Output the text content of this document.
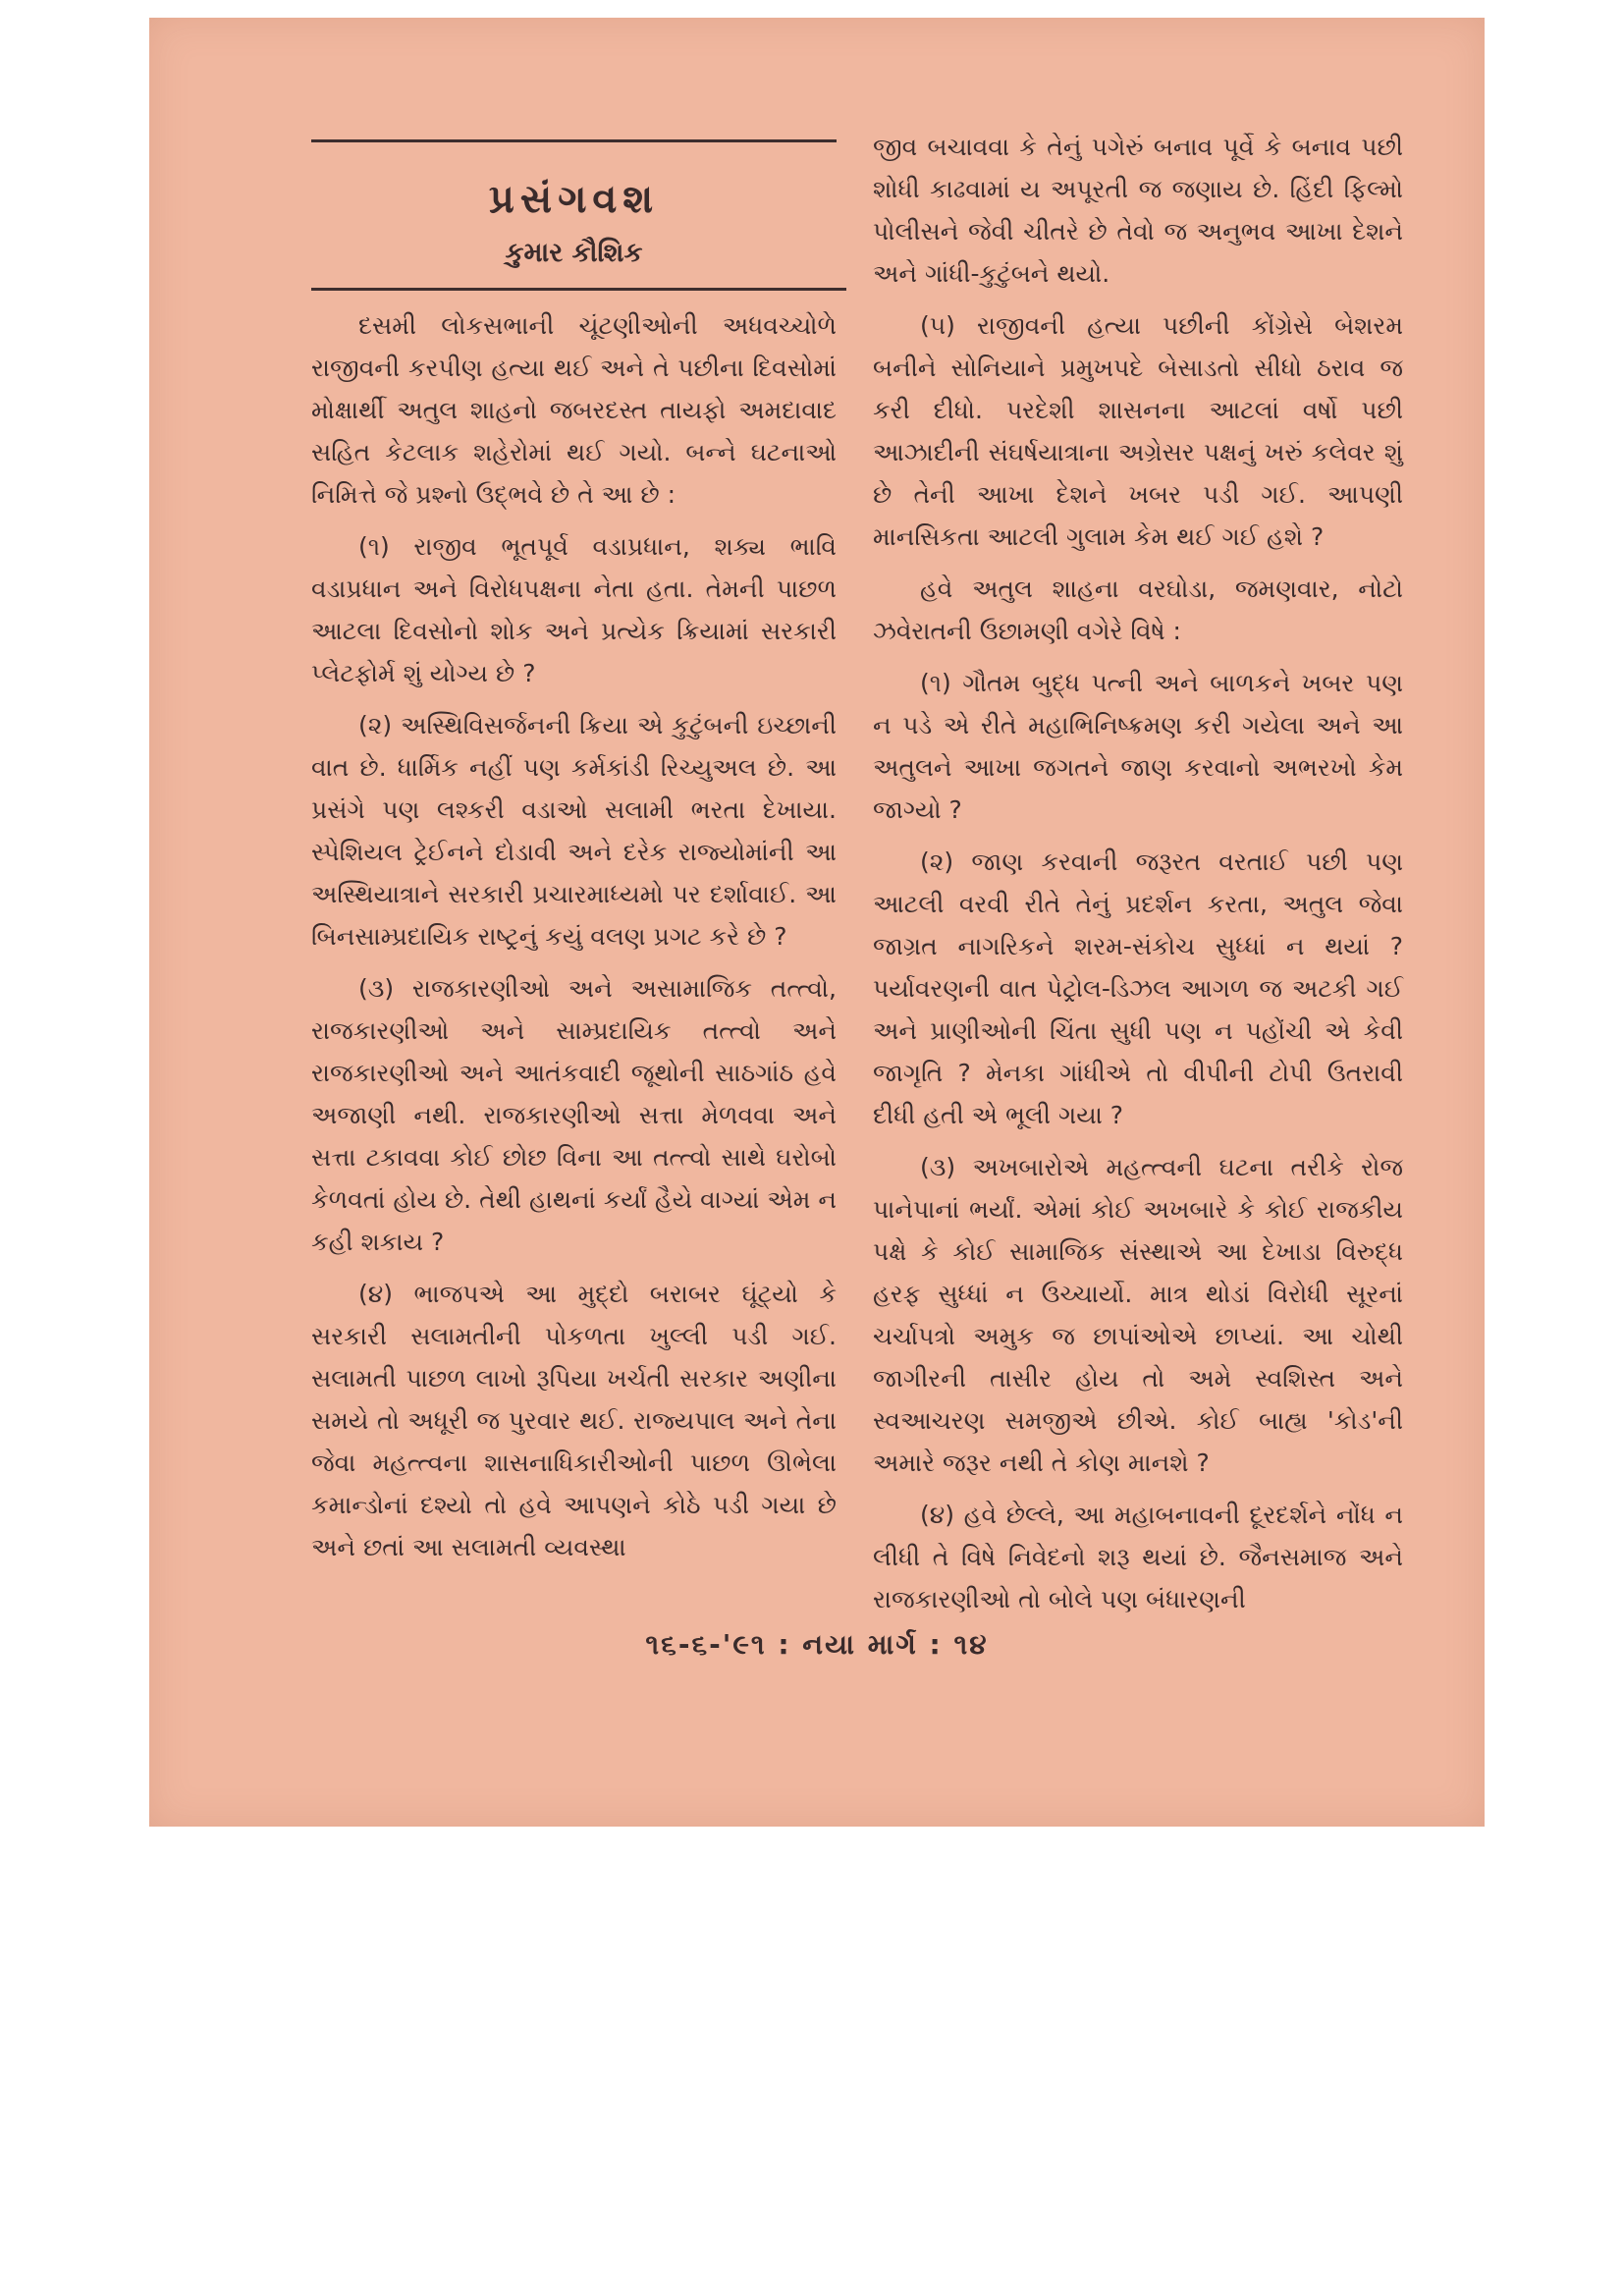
પ્રસંગવશ
કુમાર કૌશિક

દસમી લોકસભાની ચૂંટણીઓની અધવચ્ચોળે રાજીવની કરપીણ હત્યા થઈ અને તે પછીના દિવસોમાં મોક્ષાર્થી અતુલ શાહનો જબરદસ્ત તાયફો અમદાવાદ સહિત કેટલાક શહેરોમાં થઈ ગયો. બન્ને ઘટનાઓ નિમિત્તે જે પ્રશ્નો ઉદ્ભવે છે તે આ છે :

(૧) રાજીવ ભૂતપૂર્વ વડાપ્રધાન, શક્ય ભાવિ વડાપ્રધાન અને વિરોધપક્ષના નેતા હતા. તેમની પાછળ આટલા દિવસોનો શોક અને પ્રત્યેક ક્રિયામાં સરકારી પ્લેટફોર્મ શું યોગ્ય છે ?

(૨) અસ્થિવિસર્જનની ક્રિયા એ કુટુંબની ઇચ્છાની વાત છે. ધાર્મિક નહીં પણ કર્મકાંડી રિચ્યુઅલ છે. આ પ્રસંગે પણ લશ્કરી વડાઓ સલામી ભરતા દેખાયા. સ્પેશિયલ ટ્રેઈનને દોડાવી અને દરેક રાજ્યોમાંની આ અસ્થિયાત્રાને સરકારી પ્રચારમાધ્યમો પર દર્શાવાઈ. આ બિનસામ્પ્રદાયિક રાષ્ટ્રનું કયું વલણ પ્રગટ કરે છે ?

(૩) રાજકારણીઓ અને અસામાજિક તત્ત્વો, રાજકારણીઓ અને સામ્પ્રદાયિક તત્ત્વો અને રાજકારણીઓ અને આતંકવાદી જૂથોની સાઠગાંઠ હવે અજાણી નથી. રાજકારણીઓ સત્તા મેળવવા અને સત્તા ટકાવવા કોઈ છોછ વિના આ તત્ત્વો સાથે ઘરોબો કેળવતાં હોય છે. તેથી હાથનાં કર્યાં હૈયે વાગ્યાં એમ ન કહી શકાય ?

(૪) ભાજપએ આ મુદ્દો બરાબર ઘૂંટ્યો કે સરકારી સલામતીની પોકળતા ખુલ્લી પડી ગઈ. સલામતી પાછળ લાખો રૂપિયા ખર્ચતી સરકાર અણીના સમયે તો અધૂરી જ પુરવાર થઈ. રાજ્યપાલ અને તેના જેવા મહત્ત્વના શાસનાધિકારીઓની પાછળ ઊભેલા કમાન્ડોનાં દશ્યો તો હવે આપણને કોઠે પડી ગયા છે અને છતાં આ સલામતી વ્યવસ્થા

જીવ બચાવવા કે તેનું પગેરું બનાવ પૂર્વે કે બનાવ પછી શોધી કાઢવામાં ય અપૂરતી જ જણાય છે. હિંદી ફિલ્મો પોલીસને જેવી ચીતરે છે તેવો જ અનુભવ આખા દેશને અને ગાંધી-કુટુંબને થયો.

(૫) રાજીવની હત્યા પછીની કોંગ્રેસે બેશરમ બનીને સોનિયાને પ્રમુખપદે બેસાડતો સીધો ઠરાવ જ કરી દીધો. પરદેશી શાસનના આટલાં વર્ષો પછી આઝાદીની સંઘર્ષયાત્રાના અગ્રેસર પક્ષનું ખરું કલેવર શું છે તેની આખા દેશને ખબર પડી ગઈ. આપણી માનસિકતા આટલી ગુલામ કેમ થઈ ગઈ હશે ?

હવે અતુલ શાહના વરઘોડા, જમણવાર, નોટો ઝવેરાતની ઉછામણી વગેરે વિષે :

(૧) ગૌતમ બુદ્ધ પત્ની અને બાળકને ખબર પણ ન પડે એ રીતે મહાભિનિષ્ક્રમણ કરી ગયેલા અને આ અતુલને આખા જગતને જાણ કરવાનો અભરખો કેમ જાગ્યો ?

(૨) જાણ કરવાની જરૂરત વરતાઈ પછી પણ આટલી વરવી રીતે તેનું પ્રદર્શન કરતા, અતુલ જેવા જાગ્રત નાગરિકને શરમ-સંકોચ સુધ્ધાં ન થયાં ? પર્યાવરણની વાત પેટ્રોલ-ડિઝલ આગળ જ અટકી ગઈ અને પ્રાણીઓની ચિંતા સુધી પણ ન પહોંચી એ કેવી જાગૃતિ ? મેનકા ગાંધીએ તો વીપીની ટોપી ઉતરાવી દીધી હતી એ ભૂલી ગયા ?

(૩) અખબારોએ મહત્ત્વની ઘટના તરીકે રોજ પાનેપાનાં ભર્યાં. એમાં કોઈ અખબારે કે કોઈ રાજકીય પક્ષે કે કોઈ સામાજિક સંસ્થાએ આ દેખાડા વિરુદ્ધ હરફ સુધ્ધાં ન ઉચ્ચાર્યો. માત્ર થોડાં વિરોધી સૂરનાં ચર્ચાપત્રો અમુક જ છાપાંઓએ છાપ્યાં. આ ચોથી જાગીરની તાસીર હોય તો અમે સ્વશિસ્ત અને સ્વઆચરણ સમજીએ છીએ. કોઈ બાહ્ય 'કોડ'ની અમારે જરૂર નથી તે કોણ માનશે ?

(૪) હવે છેલ્લે, આ મહાબનાવની દૂરદર્શને નોંધ ન લીધી તે વિષે નિવેદનો શરૂ થયાં છે. જૈનસમાજ અને રાજકારણીઓ તો બોલે પણ બંધારણની

૧૬-૬-'૯૧ : નયા માર્ગ : ૧૪
